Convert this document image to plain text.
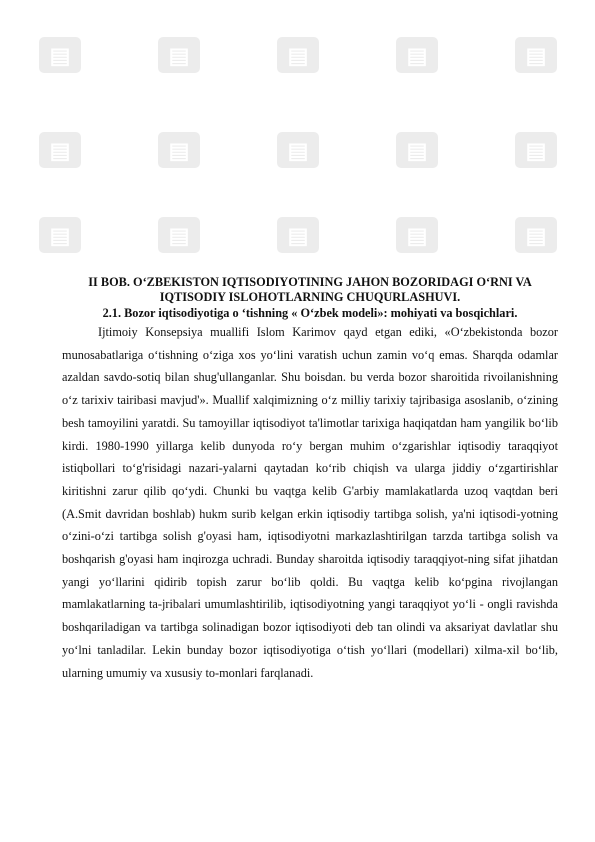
▤	▤	▤	▤	▤
▤	▤	▤	▤	▤
▤	▤	▤	▤	▤
II BOB. O‘ZBEKISTON IQTISODIYOTINING JAHON BOZORIDAGI O‘RNI VA IQTISODIY ISLOHOTLARNING CHUQURLASHUVI.
2.1. Bozor iqtisodiyotiga o ‘tishning « O‘zbek modeli»: mohiyati va bosqichlari.

Ijtimoiy Konsepsiya muallifi Islom Karimov qayd etgan ediki, «O‘zbekistonda bozor munosabatlariga o‘tishning o‘ziga xos yo‘lini varatish uchun zamin vo‘q emas. Sharqda odamlar azaldan savdo-sotiq bilan shug'ullanganlar. Shu boisdan. bu verda bozor sharoitida rivoilanishning o‘z tarixiv tairibasi mavjud'». Muallif xalqimizning o‘z milliy tarixiy tajribasiga asoslanib, o‘zining besh tamoyilini yaratdi. Su tamoyillar iqtisodiyot ta'limotlar tarixiga haqiqatdan ham yangilik bo‘lib kirdi. 1980-1990 yillarga kelib dunyoda ro‘y bergan muhim o‘zgarishlar iqtisodiy taraqqiyot istiqbollari to‘g'risidagi nazari-yalarni qaytadan ko‘rib chiqish va ularga jiddiy o‘zgartirishlar kiritishni zarur qilib qo‘ydi. Chunki bu vaqtga kelib G'arbiy mamlakatlarda uzoq vaqtdan beri (A.Smit davridan boshlab) hukm surib kelgan erkin iqtisodiy tartibga solish, ya'ni iqtisodi-yotning o‘zini-o‘zi tartibga solish g'oyasi ham, iqtisodiyotni markazlashtirilgan tarzda tartibga solish va boshqarish g'oyasi ham inqirozga uchradi. Bunday sharoitda iqtisodiy taraqqiyot-ning sifat jihatdan yangi yo‘llarini qidirib topish zarur bo‘lib qoldi. Bu vaqtga kelib ko‘pgina rivojlangan mamlakatlarning ta-jribalari umumlashtirilib, iqtisodiyotning yangi taraqqiyot yo‘li - ongli ravishda boshqariladigan va tartibga solinadigan bozor iqtisodiyoti deb tan olindi va aksariyat davlatlar shu yo‘lni tanladilar. Lekin bunday bozor iqtisodiyotiga o‘tish yo‘llari (modellari) xilma-xil bo‘lib, ularning umumiy va xususiy to-monlari farqlanadi.
